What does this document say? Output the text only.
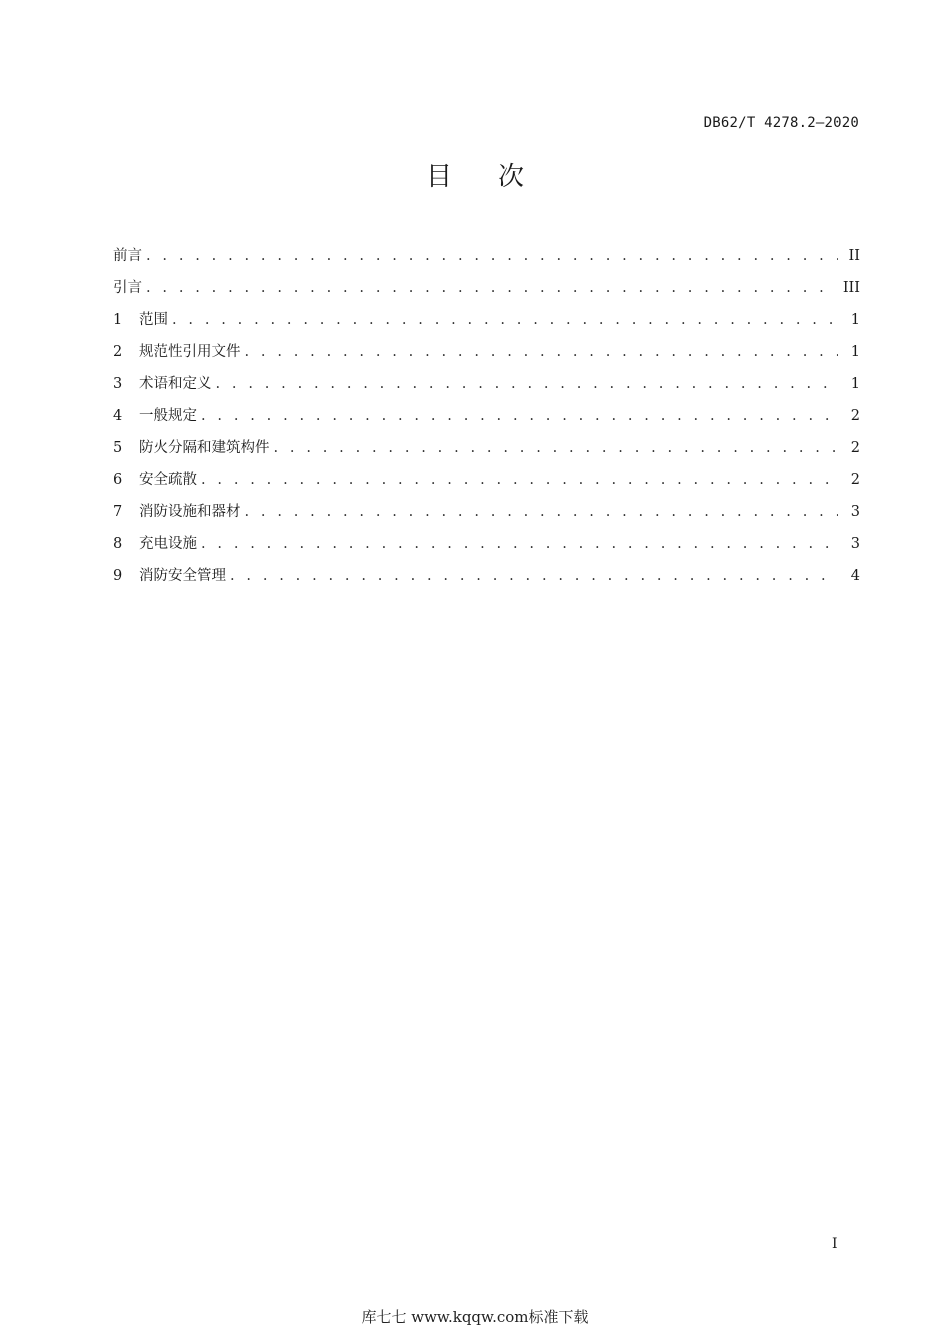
DB62/T 4278.2—2020
目 次
前言 . . .	II
引言 . . .	III
1	范围 . . .	1
2	规范性引用文件 . . .	1
3	术语和定义 . . .	1
4	一般规定 . . .	2
5	防火分隔和建筑构件 . . .	2
6	安全疏散 . . .	2
7	消防设施和器材 . . .	3
8	充电设施 . . .	3
9	消防安全管理 . . .	4
I
库七七 www.kqqw.com标准下载
